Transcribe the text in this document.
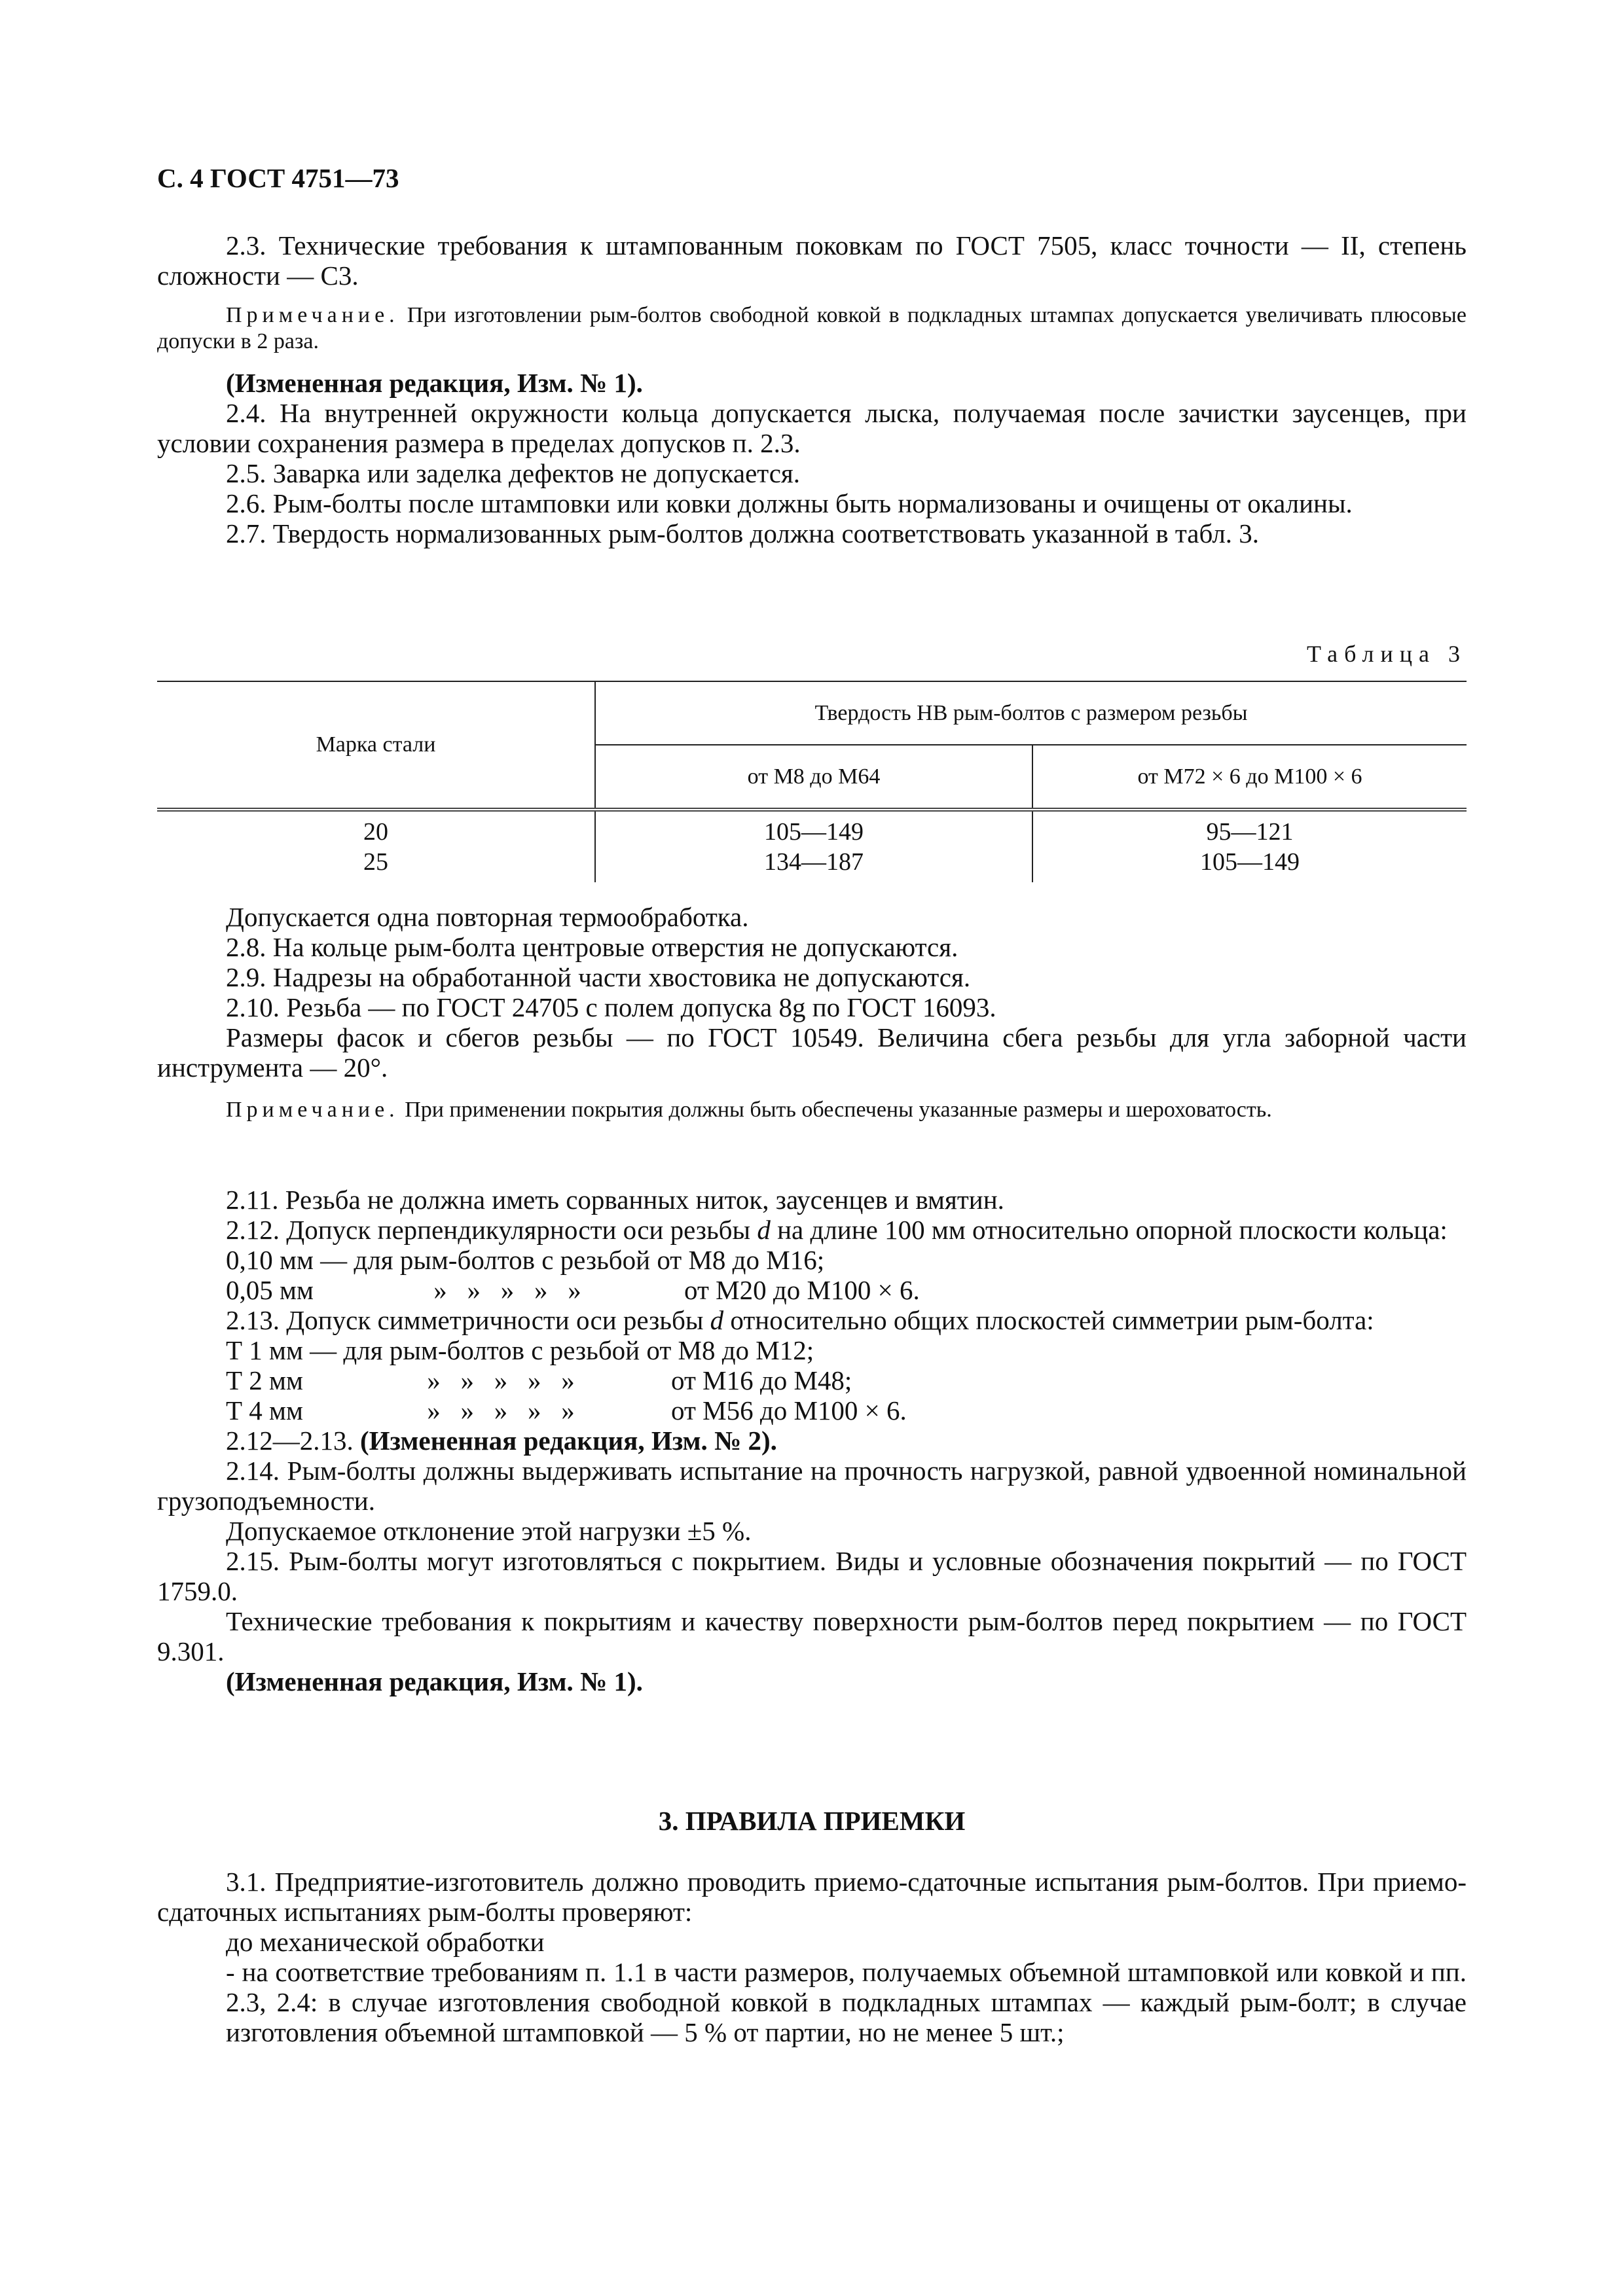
С. 4 ГОСТ 4751—73

2.3. Технические требования к штампованным поковкам по ГОСТ 7505, класс точности — II, степень сложности — С3.

Примечание. При изготовлении рым-болтов свободной ковкой в подкладных штампах допускается увеличивать плюсовые допуски в 2 раза.

(Измененная редакция, Изм. № 1).

2.4. На внутренней окружности кольца допускается лыска, получаемая после зачистки заусенцев, при условии сохранения размера в пределах допусков п. 2.3.

2.5. Заварка или заделка дефектов не допускается.

2.6. Рым-болты после штамповки или ковки должны быть нормализованы и очищены от окалины.

2.7. Твердость нормализованных рым-болтов должна соответствовать указанной в табл. 3.

Таблица 3
Марка стали	Твердость НВ рым-болтов с размером резьбы	
	от М8 до М64	от М72 × 6 до М100 × 6

20	105—149	95—121
25	134—187	105—149

Допускается одна повторная термообработка.

2.8. На кольце рым-болта центровые отверстия не допускаются.

2.9. Надрезы на обработанной части хвостовика не допускаются.

2.10. Резьба — по ГОСТ 24705 с полем допуска 8g по ГОСТ 16093.

Размеры фасок и сбегов резьбы — по ГОСТ 10549. Величина сбега резьбы для угла заборной части инструмента — 20°.

Примечание. При применении покрытия должны быть обеспечены указанные размеры и шероховатость.

2.11. Резьба не должна иметь сорванных ниток, заусенцев и вмятин.

2.12. Допуск перпендикулярности оси резьбы d на длине 100 мм относительно опорной плоскости кольца:

0,10 мм — для рым-болтов с резьбой от М8 до М16;

0,05 мм	»   »   »   »   »	от М20 до М100 × 6.

2.13. Допуск симметричности оси резьбы d относительно общих плоскостей симметрии рым-болта:

Т 1 мм — для рым-болтов с резьбой от М8 до М12;

Т 2 мм	»   »   »   »   »	от М16 до М48;

Т 4 мм	»   »   »   »   »	от М56 до М100 × 6.

2.12—2.13. (Измененная редакция, Изм. № 2).

2.14. Рым-болты должны выдерживать испытание на прочность нагрузкой, равной удвоенной номинальной грузоподъемности.

Допускаемое отклонение этой нагрузки ±5 %.

2.15. Рым-болты могут изготовляться с покрытием. Виды и условные обозначения покрытий — по ГОСТ 1759.0.

Технические требования к покрытиям и качеству поверхности рым-болтов перед покрытием — по ГОСТ 9.301.

(Измененная редакция, Изм. № 1).

3. ПРАВИЛА ПРИЕМКИ

3.1. Предприятие-изготовитель должно проводить приемо-сдаточные испытания рым-болтов. При приемо-сдаточных испытаниях рым-болты проверяют:

до механической обработки

- на соответствие требованиям п. 1.1 в части размеров, получаемых объемной штамповкой или ковкой и пп. 2.3, 2.4: в случае изготовления свободной ковкой в подкладных штампах — каждый рым-болт; в случае изготовления объемной штамповкой — 5 % от партии, но не менее 5 шт.;
